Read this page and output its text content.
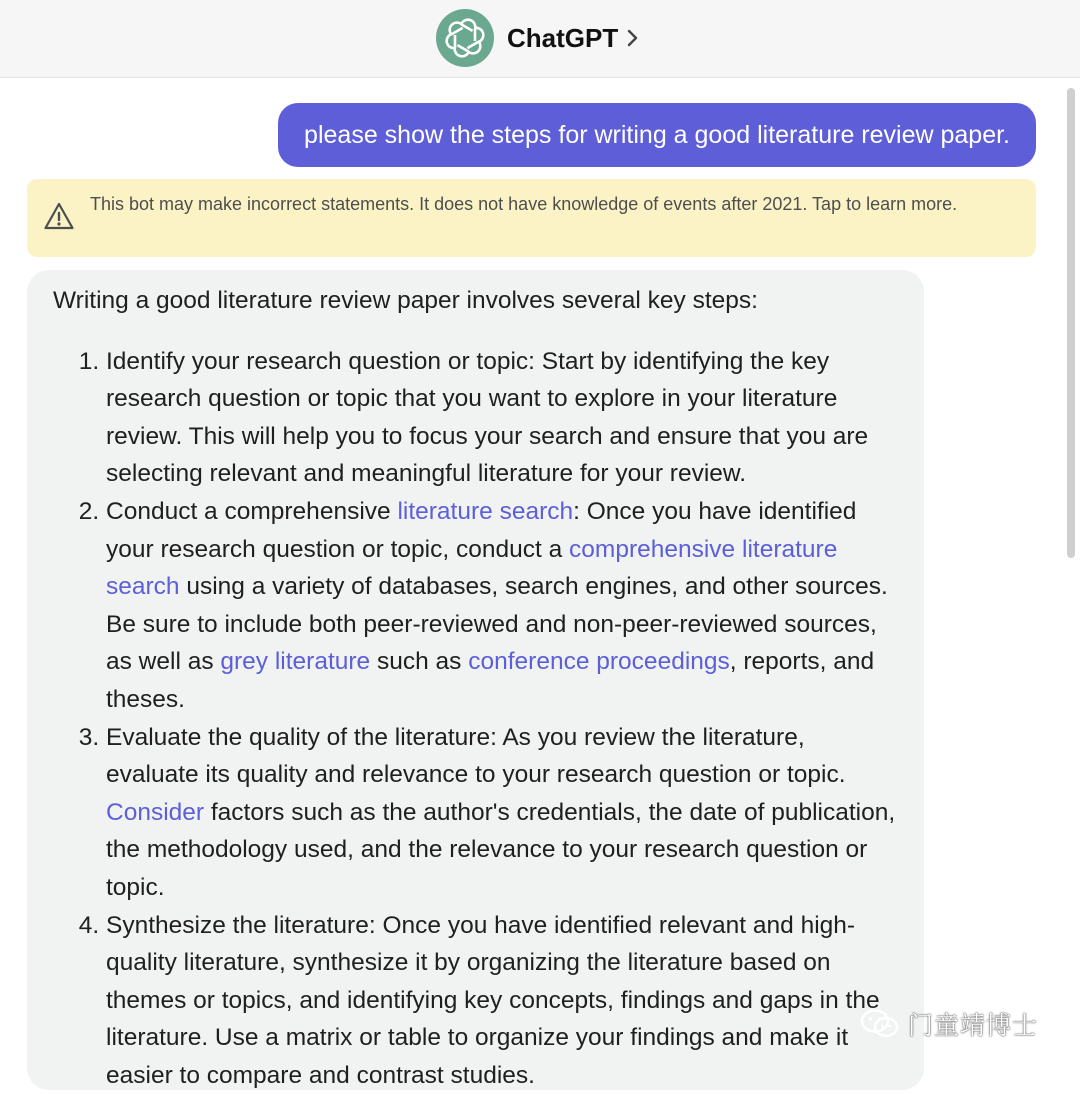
ChatGPT
please show the steps for writing a good literature review paper.
This bot may make incorrect statements. It does not have knowledge of events after 2021. Tap to learn more.

Writing a good literature review paper involves several key steps:

1. Identify your research question or topic: Start by identifying the key research question or topic that you want to explore in your literature review. This will help you to focus your search and ensure that you are selecting relevant and meaningful literature for your review.
2. Conduct a comprehensive literature search: Once you have identified your research question or topic, conduct a comprehensive literature search using a variety of databases, search engines, and other sources. Be sure to include both peer-reviewed and non-peer-reviewed sources, as well as grey literature such as conference proceedings, reports, and theses.
3. Evaluate the quality of the literature: As you review the literature, evaluate its quality and relevance to your research question or topic. Consider factors such as the author's credentials, the date of publication, the methodology used, and the relevance to your research question or topic.
4. Synthesize the literature: Once you have identified relevant and high-quality literature, synthesize it by organizing the literature based on themes or topics, and identifying key concepts, findings and gaps in the literature. Use a matrix or table to organize your findings and make it easier to compare and contrast studies.
门童靖博士
